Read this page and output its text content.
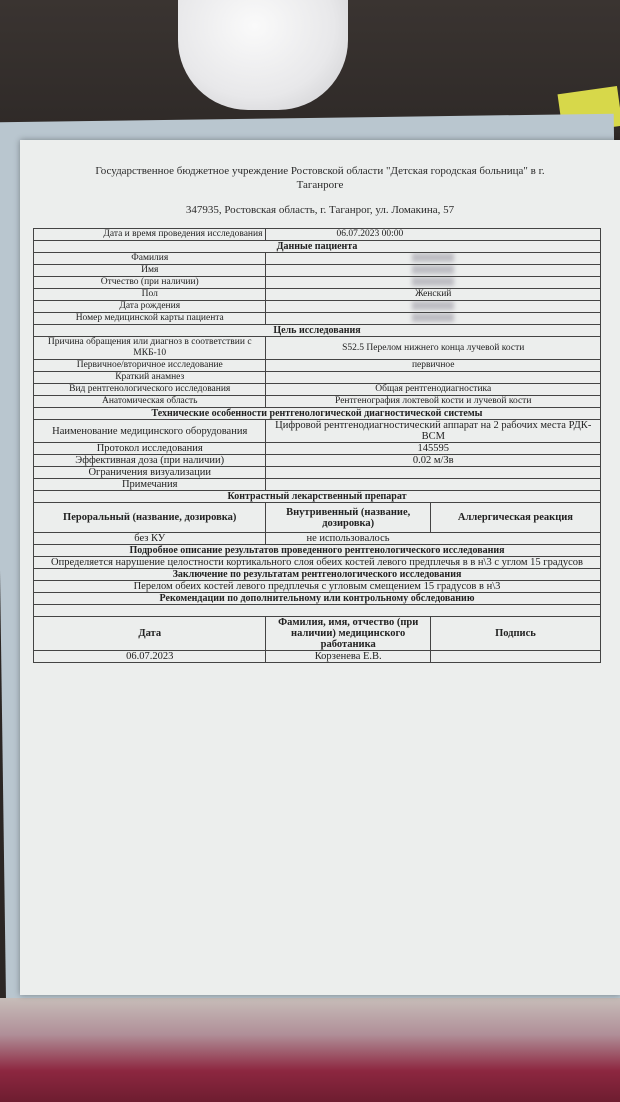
Государственное бюджетное учреждение Ростовской области "Детская городская больница" в г. Таганроге
347935, Ростовская область, г. Таганрог, ул. Ломакина, 57
Дата и время проведения исследования	06.07.2023 00:00	
Данные пациента		
Фамилия		
Имя		
Отчество (при наличии)		
Пол	Женский	
Дата рождения		
Номер медицинской карты пациента		
Цель исследования		
Причина обращения или диагноз в соответствии с МКБ-10	S52.5 Перелом нижнего конца лучевой кости	
Первичное/вторичное исследование	первичное	
Краткий анамнез		
Вид рентгенологического исследования	Общая рентгенодиагностика	
Анатомическая область	Рентгенография локтевой кости и лучевой кости	
Технические особенности рентгенологической диагностической системы		
Наименование медицинского оборудования	Цифровой рентгенодиагностический аппарат на 2 рабочих места РДК-ВСМ	
Протокол исследования	145595	
Эффективная доза (при наличии)	0.02 м/Зв	
Ограничения визуализации		
Примечания		
Контрастный лекарственный препарат		
Пероральный (название, дозировка)	Внутривенный (название, дозировка)	Аллергическая реакция
без КУ	не использовалось	
Подробное описание результатов проведенного рентгенологического исследования		
Определяется нарушение целостности кортикального слоя обеих костей левого предплечья в в н\3 с углом 15 градусов		
Заключение по результатам рентгенологического исследования		
Перелом обеих костей левого предплечья с угловым смещением 15 градусов в н\3		
Рекомендации по дополнительному или контрольному обследованию		

Дата	Фамилия, имя, отчество (при наличии) медицинского работаника	Подпись
06.07.2023	Корзенева Е.В.	
